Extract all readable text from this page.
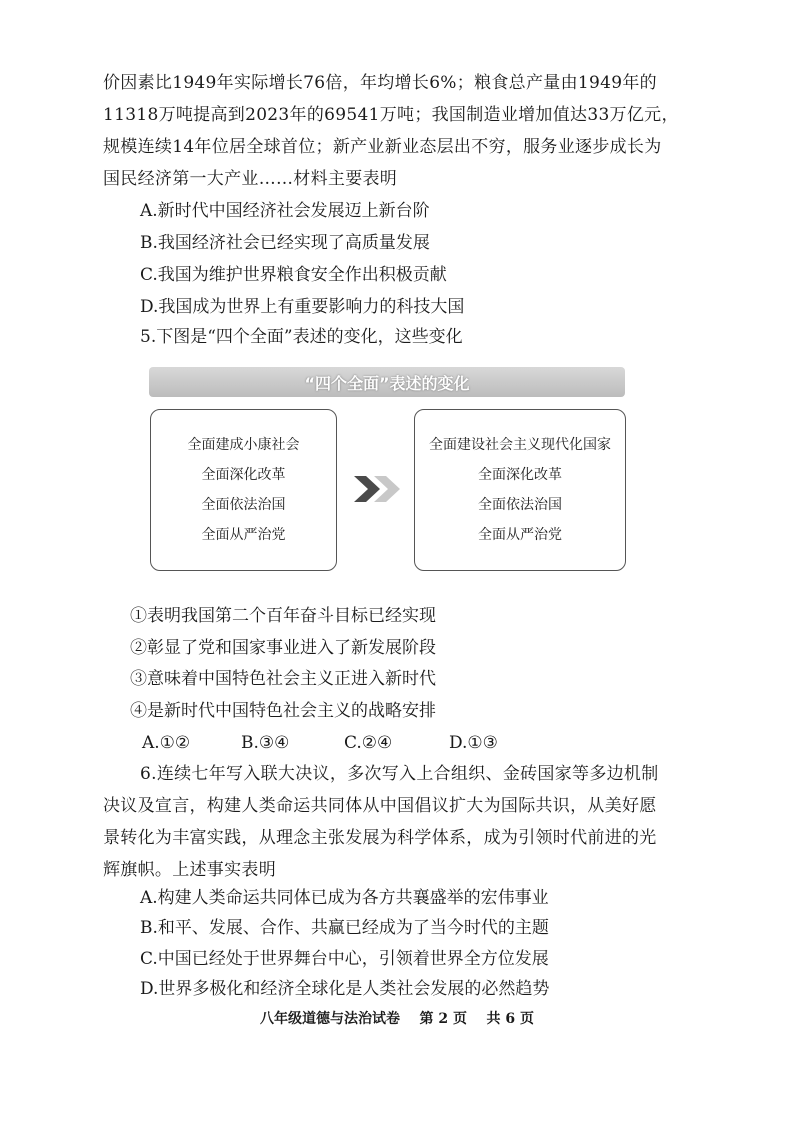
价因素比1949年实际增长76倍，年均增长6%；粮食总产量由1949年的
11318万吨提高到2023年的69541万吨；我国制造业增加值达33万亿元，
规模连续14年位居全球首位；新产业新业态层出不穷，服务业逐步成长为
国民经济第一大产业……材料主要表明
A.新时代中国经济社会发展迈上新台阶
B.我国经济社会已经实现了高质量发展
C.我国为维护世界粮食安全作出积极贡献
D.我国成为世界上有重要影响力的科技大国
5.下图是“四个全面”表述的变化，这些变化
“四个全面”表述的变化
全面建成小康社会
全面深化改革
全面依法治国
全面从严治党
全面建设社会主义现代化国家
全面深化改革
全面依法治国
全面从严治党
①表明我国第二个百年奋斗目标已经实现
②彰显了党和国家事业进入了新发展阶段
③意味着中国特色社会主义正进入新时代
④是新时代中国特色社会主义的战略安排
A.①②	B.③④	C.②④	D.①③
6.连续七年写入联大决议，多次写入上合组织、金砖国家等多边机制
决议及宣言，构建人类命运共同体从中国倡议扩大为国际共识，从美好愿
景转化为丰富实践，从理念主张发展为科学体系，成为引领时代前进的光
辉旗帜。上述事实表明
A.构建人类命运共同体已成为各方共襄盛举的宏伟事业
B.和平、发展、合作、共赢已经成为了当今时代的主题
C.中国已经处于世界舞台中心，引领着世界全方位发展
D.世界多极化和经济全球化是人类社会发展的必然趋势
八年级道德与法治试卷 第 2 页 共 6 页
